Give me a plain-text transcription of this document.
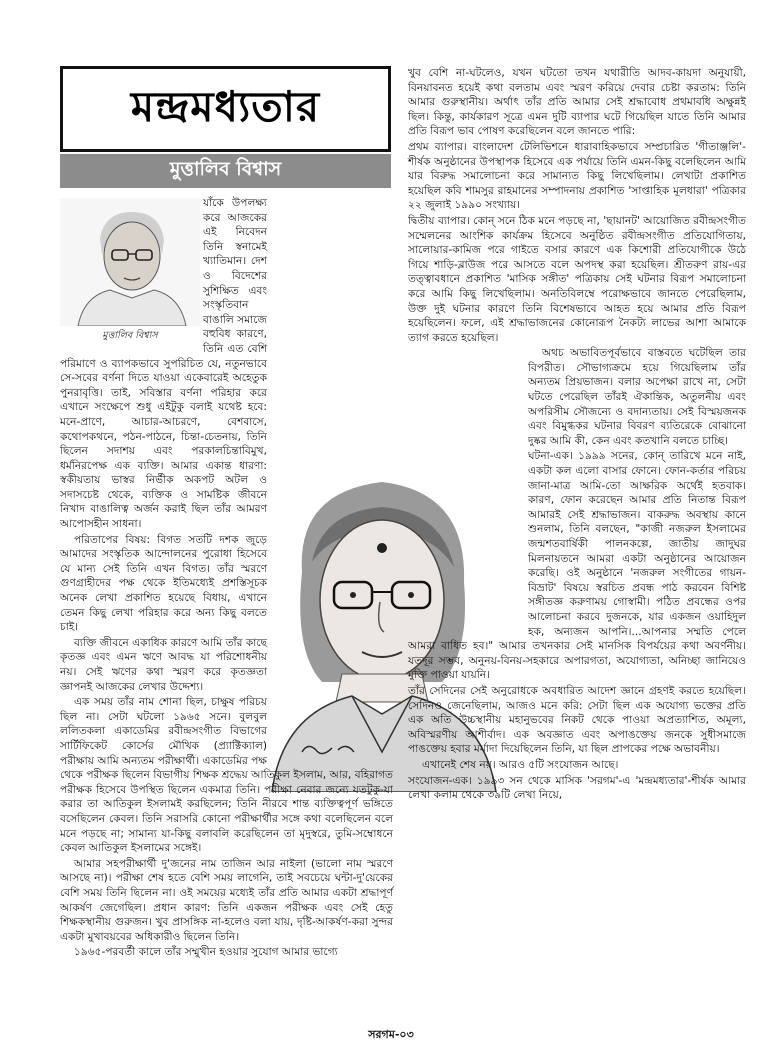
মন্দ্রমধ্যতার
মুত্তালিব বিশ্বাস
মুত্তালিব বিশ্বাস

যাঁকে উপলক্ষ্য করে আজকের এই নিবেদন তিনি স্বনামেই খ্যাতিমান। দেশ ও বিদেশের সুশিক্ষিত এবং সংস্কৃতিবান বাঙালি সমাজে বহুবিধ কারণে, তিনি এত বেশি পরিমাণে ও ব্যাপকভাবে সুপরিচিত যে, নতুনভাবে সে-সবের বর্ণনা দিতে যাওয়া একেবারেই অহেতুক পুনরাবৃত্তি। তাই, সবিস্তার বর্ণনা পরিহার করে এখানে সংক্ষেপে শুধু এইটুকু বলাই যথেষ্ট হবে: মনে-প্রাণে, আচার-আচরণে, বেশবাসে, কথোপকথনে, পঠন-পাঠনে, চিন্তা-চেতনায়, তিনি ছিলেন সদাশয় এবং পরকালচিন্তাবিমুখ, ধর্মনিরপেক্ষ এক ব্যক্তি। আমার একান্ত ধারণা: স্বকীয়তায় ভাস্বর নির্ভীক অকপট অটল ও সদাসচেষ্ট থেকে, ব্যক্তিক ও সামষ্টিক জীবনে নিখাদ বাঙালিত্ব অর্জন করাই ছিল তাঁর আমরণ আপোসহীন সাধনা।

পরিতাপের বিষয়: বিগত সতটি দশক জুড়ে আমাদের সংস্কৃতিক আন্দোলনের পুরোধা হিসেবে যে মান্য সেই তিনি এখন বিগত। তাঁর স্মরণে গুণগ্রাহীদের পক্ষ থেকে ইতিমধ্যেই প্রশস্তিসূচক অনেক লেখা প্রকাশিত হয়েছে বিধায়, এখানে তেমন কিছু লেখা পরিহার করে অন্য কিছু বলতে চাই।

ব্যক্তি জীবনে একাধিক কারণে আমি তাঁর কাছে কৃতজ্ঞ এবং এমন ঋণে আবদ্ধ যা পরিশোধনীয় নয়। সেই ঋণের কথা স্মরণ করে কৃতজ্ঞতা জ্ঞাপনই আজকের লেখার উদ্দেশ্য।

এক সময় তাঁর নাম শোনা ছিল, চাক্ষুষ পরিচয় ছিল না। সেটা ঘটলো ১৯৬৫ সনে। বুলবুল ললিতকলা একাডেমির রবীন্দ্রসংগীত বিভাগের সার্টিফিকেট কোর্সের মৌখিক (প্র্যাক্টিক্যাল) পরীক্ষায় আমি অন্যতম পরীক্ষার্থী। একাডেমির পক্ষ থেকে পরীক্ষক ছিলেন বিভাগীয় শিক্ষক শ্রদ্ধেয় আতিকুল ইসলাম, আর, বহিরাগত পরীক্ষক হিসেবে উপস্থিত ছিলেন একমাত্র তিনি। পরীক্ষা নেবার জন্যে যতটুকু-যা করার তা আতিকুল ইসলামই করছিলেন; তিনি নীরবে শান্ত ব্যক্তিত্বপূর্ণ ভঙ্গিতে বসেছিলেন কেবল। তিনি সরাসরি কোনো পরীক্ষার্থীর সঙ্গে কথা বলেছিলেন বলে মনে পড়ছে না; সামান্য যা-কিছু বলাবলি করেছিলেন তা মৃদুস্বরে, তুমি-সম্বোধনে কেবল আতিকুল ইসলামের সঙ্গেই।

আমার সহপরীক্ষার্থী দু'জনের নাম তাজিন আর নাইলা (ভালো নাম স্মরণে আসছে না)। পরীক্ষা শেষ হতে বেশি সময় লাগেনি, তাই সবচেয়ে ঘন্টা-দু'য়েকের বেশি সময় তিনি ছিলেন না। ওই সময়ের মধ্যেই তাঁর প্রতি আমার একটা শ্রদ্ধাপূর্ণ আকর্ষণ জেগেছিল। প্রধান কারণ: তিনি একজন পরীক্ষক এবং সেই হেতু শিক্ষকস্থানীয় গুরুজন। খুব প্রাসঙ্গিক না-হলেও বলা যায়, দৃষ্টি-আকর্ষণ-করা সুন্দর একটা মুখাবয়বের অধিকারীও ছিলেন তিনি।

১৯৬৫-পরবর্তী কালে তাঁর সম্মুখীন হওয়ার সুযোগ আমার ভাগ্যে

খুব বেশি না-ঘটলেও, যখন ঘটতো তখন যথারীতি আদব-কায়দা অনুযায়ী, বিনয়াবনত হয়েই কথা বলতাম এবং স্মরণ করিয়ে দেবার চেষ্টা করতাম: তিনি আমার গুরুস্থানীয়। অর্থাৎ তাঁর প্রতি আমার সেই শ্রদ্ধাবোধ প্রথমাবধি অক্ষুন্নই ছিল। কিন্তু, কার্যকারণ সূত্রে এমন দুটি ব্যাপার ঘটে গিয়েছিল যাতে তিনি আমার প্রতি বিরূপ ভাব পোষণ করেছিলেন বলে জানতে পারি:

প্রথম ব্যাপার। বাংলাদেশ টেলিভিশনে ধারাবাহিকভাবে সম্প্রচারিত 'গীতাঞ্জলি'-শীর্ষক অনুষ্ঠানের উপস্থাপক হিসেবে এক পর্যায়ে তিনি এমন-কিছু বলেছিলেন আমি যার বিরুদ্ধ সমালোচনা করে সামান্যত কিছু লিখেছিলাম। লেখাটা প্রকাশিত হয়েছিল কবি শামসুর রাহমানের সম্পাদনায় প্রকাশিত 'সাপ্তাহিক মূলধারা' পত্রিকার ২২ জুলাই ১৯৯০ সংখ্যায়।

দ্বিতীয় ব্যাপার। কোন্ সনে ঠিক মনে পড়ছে না, 'ছায়ানট' আয়োজিত রবীন্দ্রসংগীত সম্মেলনের আংশিক কার্যক্রম হিসেবে অনুষ্ঠিত রবীন্দ্রসংগীত প্রতিযোগিতায়, সালোয়ার-কামিজ পরে গাইতে বসার কারণে এক কিশোরী প্রতিযোগীকে উঠে গিয়ে শাড়ি-ব্লাউজ পরে আসতে বলে অপদস্থ করা হয়েছিল। শ্রীতরুণ রায়-এর তত্ত্বাবধানে প্রকাশিত 'মাসিক সঙ্গীত' পত্রিকায় সেই ঘটনার বিরূপ সমালোচনা করে আমি কিছু লিখেছিলাম। অনতিবিলম্বে পরোক্ষভাবে জানতে পেরেছিলাম, উক্ত দুই ঘটনার কারণে তিনি বিশেষভাবে আহত হয়ে আমার প্রতি বিরূপ হয়েছিলেন। ফলে, এই শ্রদ্ধাভাজনের কোনোরূপ নৈকট্য লাভের আশা আমাকে ত্যাগ করতে হয়েছিল।

অথচ অভাবিতপূর্বভাবে বাস্তবতে ঘটেছিল তার বিপরীত। সৌভাগ্যক্রমে হয়ে গিয়েছিলাম তাঁর অন্যতম প্রিয়ভাজন। বলার অপেক্ষা রাখে না, সেটা ঘটতে পেরেছিল তাঁরই ঐকান্তিক, অতুলনীয় এবং অপরিসীম সৌজন্যে ও বদান্যতায়। সেই বিস্ময়জনক এবং বিমুগ্ধকর ঘটনার বিবরণ ব্যতিরেকে বোঝানো দুষ্কর আমি কী, কেন এবং কতখানি বলতে চাচ্ছি।

ঘটনা-এক। ১৯৯৯ সনের, কোন্ তারিখে মনে নাই, একটা কল এলো বাসার ফোনে। ফোন-কর্তার পরিচয় জানা-মাত্র আমি-তো আক্ষরিক অর্থেই হতবাক। কারণ, ফোন করেছেন আমার প্রতি নিতান্ত বিরূপ আমারই সেই শ্রদ্ধাভাজন। বাকরুদ্ধ অবস্থায় কানে শুনলাম, তিনি বলছেন, "কাজী নজরুল ইসলামের জন্মশতবার্ষিকী পালনকল্পে, জাতীয় জাদুঘর মিলনায়তনে আমরা একটা অনুষ্ঠানের আয়োজন করেছি। ওই অনুষ্ঠানে 'নজরুল সংগীতের গায়ন-বিভ্রাট' বিষয়ে স্বরচিত প্রবন্ধ পাঠ করবেন বিশিষ্ট সঙ্গীতজ্ঞ করুণাময় গোস্বামী। পঠিত প্রবন্ধের ওপর আলোচনা করবে দুজনকে, যার একজন ওয়াহিদুল হক, অন্যজন আপনি।...আপনার সম্মতি পেলে আমরা বাধিত হব।" আমার তখনকার সেই মানসিক বিপর্যয়ের কথা অবর্ণনীয়। যতদূর সম্ভব, অনুনয়-বিনয়-সহকারে অপারগতা, অযোগ্যতা, অনিচ্ছা জানিয়েও মুক্তি পাওয়া যায়নি।

তাঁর সেদিনের সেই অনুরোধকে অবধারিত আদেশ জ্ঞানে গ্রহণই করতে হয়েছিল। সেদিনও জেনেছিলাম, আজও মনে করি: সেটা ছিল এক অযোগ্য ভক্তের প্রতি এক অতি উচ্চস্থানীয় মহানুভবের নিকট থেকে পাওয়া অপ্রত্যাশিত, অমূল্য, অবিস্মরণীয় আশীর্বাদ। এক অবজ্ঞাত এবং অপাঙক্তেয় জনকে সুধীসমাজে পাঙক্তেয় হবার মর্যাদা দিয়েছিলেন তিনি, যা ছিল প্রাপকের পক্ষে অভাবনীয়।

এখানেই শেষ নয়। আরও ৫টি সংযোজন আছে।

সংযোজন-এক। ১৯৯৩ সন থেকে মাসিক 'সরগম'-এ 'মন্দ্রমধ্যতার'-শীর্ষক আমার লেখা কলাম থেকে ৩৯টি লেখা নিয়ে,

সরগম-০৩
